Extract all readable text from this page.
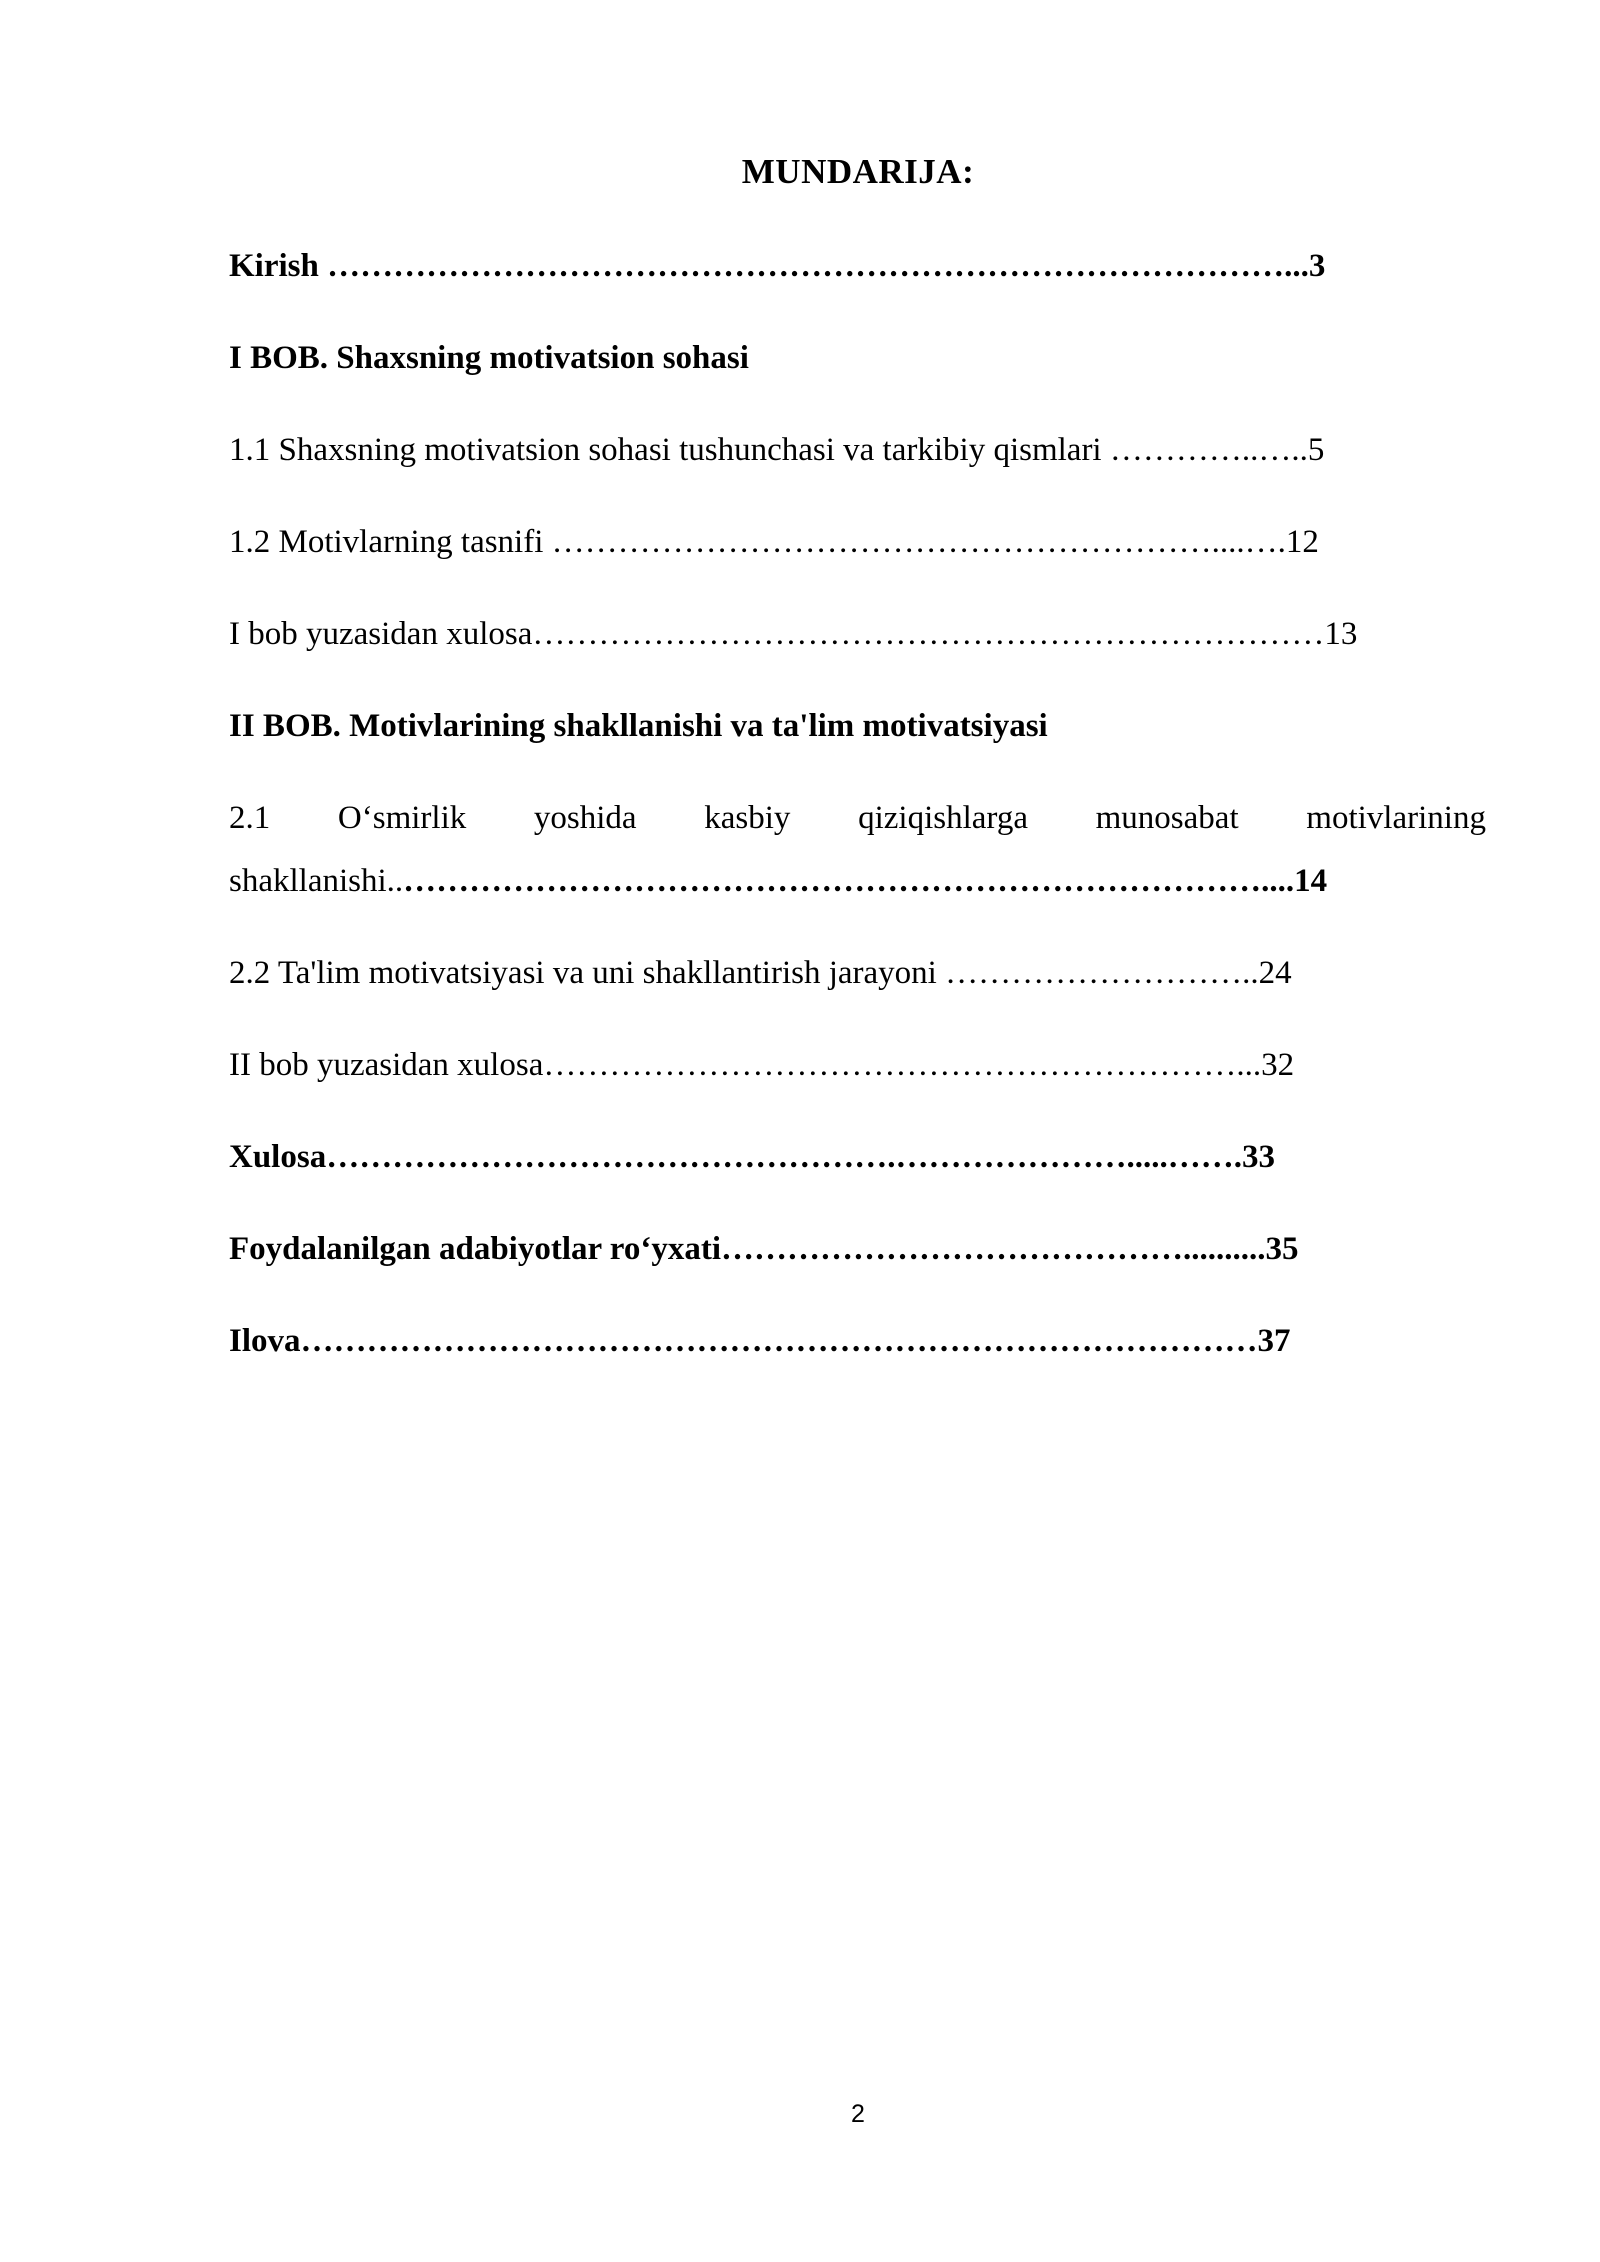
MUNDARIJA:
Kirish ……………………………………………………………………………...3
I BOB. Shaxsning motivatsion sohasi
1.1 Shaxsning motivatsion sohasi tushunchasi va tarkibiy qismlari …………..…..5
1.2 Motivlarning tasnifi ……………………………………………………....….12
I bob yuzasidan xulosa………………………………………………………………13
II BOB. Motivlarining shakllanishi va ta'lim motivatsiyasi
2.1 O‘smirlik yoshida kasbiy qiziqishlarga munosabat motivlarining
shakllanishi..……………………………………………………………………....14
2.2 Ta'lim motivatsiyasi va uni shakllantirish jarayoni ………………………..24
II bob yuzasidan xulosa………………………………………………………...32
Xulosa…………………………………………….………………….....…….33
Foydalanilgan adabiyotlar ro‘yxati……………………………………..........35
Ilova……………………………………………………………………………37
2
